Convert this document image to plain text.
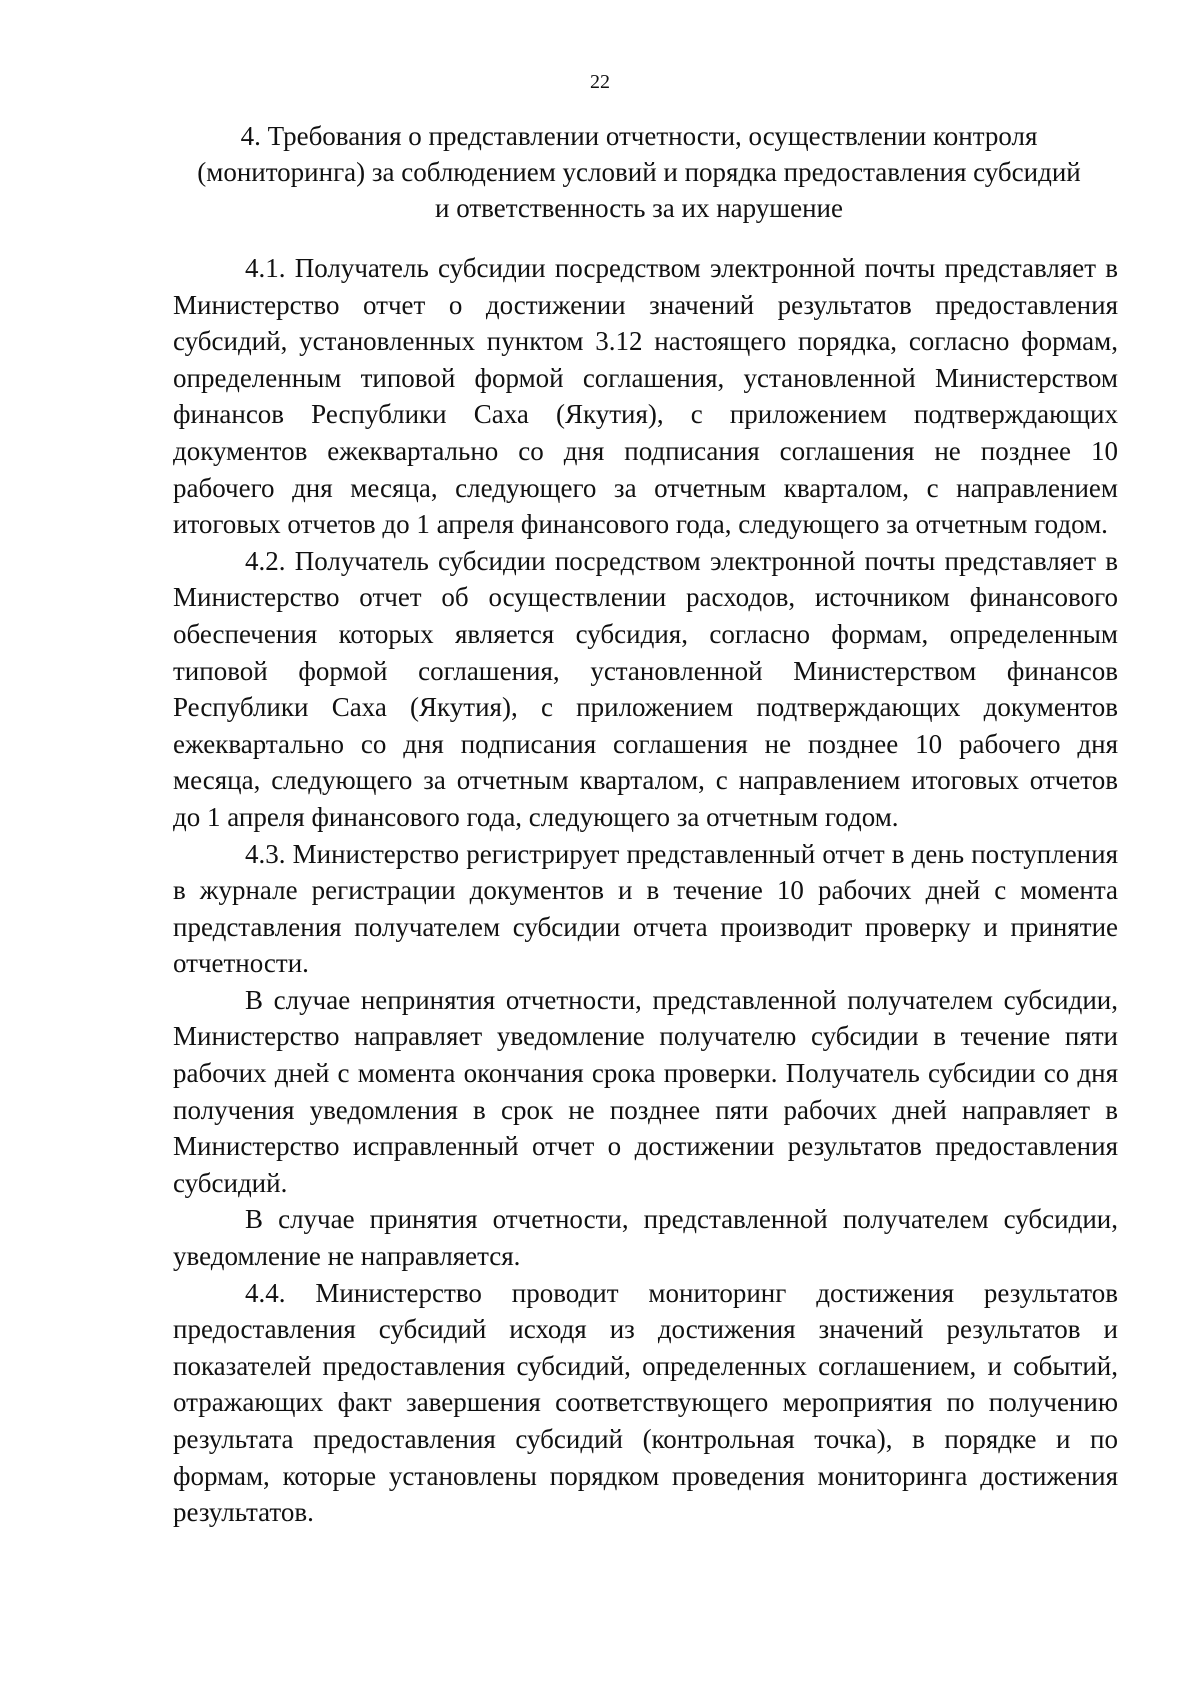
22
4. Требования о представлении отчетности, осуществлении контроля
(мониторинга) за соблюдением условий и порядка предоставления субсидий
и ответственность за их нарушение

4.1. Получатель субсидии посредством электронной почты представляет в Министерство отчет о достижении значений результатов предоставления субсидий, установленных пунктом 3.12 настоящего порядка, согласно формам, определенным типовой формой соглашения, установленной Министерством финансов Республики Саха (Якутия), с приложением подтверждающих документов ежеквартально со дня подписания соглашения не позднее 10 рабочего дня месяца, следующего за отчетным кварталом, с направлением итоговых отчетов до 1 апреля финансового года, следующего за отчетным годом.

4.2. Получатель субсидии посредством электронной почты представляет в Министерство отчет об осуществлении расходов, источником финансового обеспечения которых является субсидия, согласно формам, определенным типовой формой соглашения, установленной Министерством финансов Республики Саха (Якутия), с приложением подтверждающих документов ежеквартально со дня подписания соглашения не позднее 10 рабочего дня месяца, следующего за отчетным кварталом, с направлением итоговых отчетов до 1 апреля финансового года, следующего за отчетным годом.

4.3. Министерство регистрирует представленный отчет в день поступления в журнале регистрации документов и в течение 10 рабочих дней с момента представления получателем субсидии отчета производит проверку и принятие отчетности.

В случае непринятия отчетности, представленной получателем субсидии, Министерство направляет уведомление получателю субсидии в течение пяти рабочих дней с момента окончания срока проверки. Получатель субсидии со дня получения уведомления в срок не позднее пяти рабочих дней направляет в Министерство исправленный отчет о достижении результатов предоставления субсидий.

В случае принятия отчетности, представленной получателем субсидии, уведомление не направляется.

4.4. Министерство проводит мониторинг достижения результатов предоставления субсидий исходя из достижения значений результатов и показателей предоставления субсидий, определенных соглашением, и событий, отражающих факт завершения соответствующего мероприятия по получению результата предоставления субсидий (контрольная точка), в порядке и по формам, которые установлены порядком проведения мониторинга достижения результатов.
